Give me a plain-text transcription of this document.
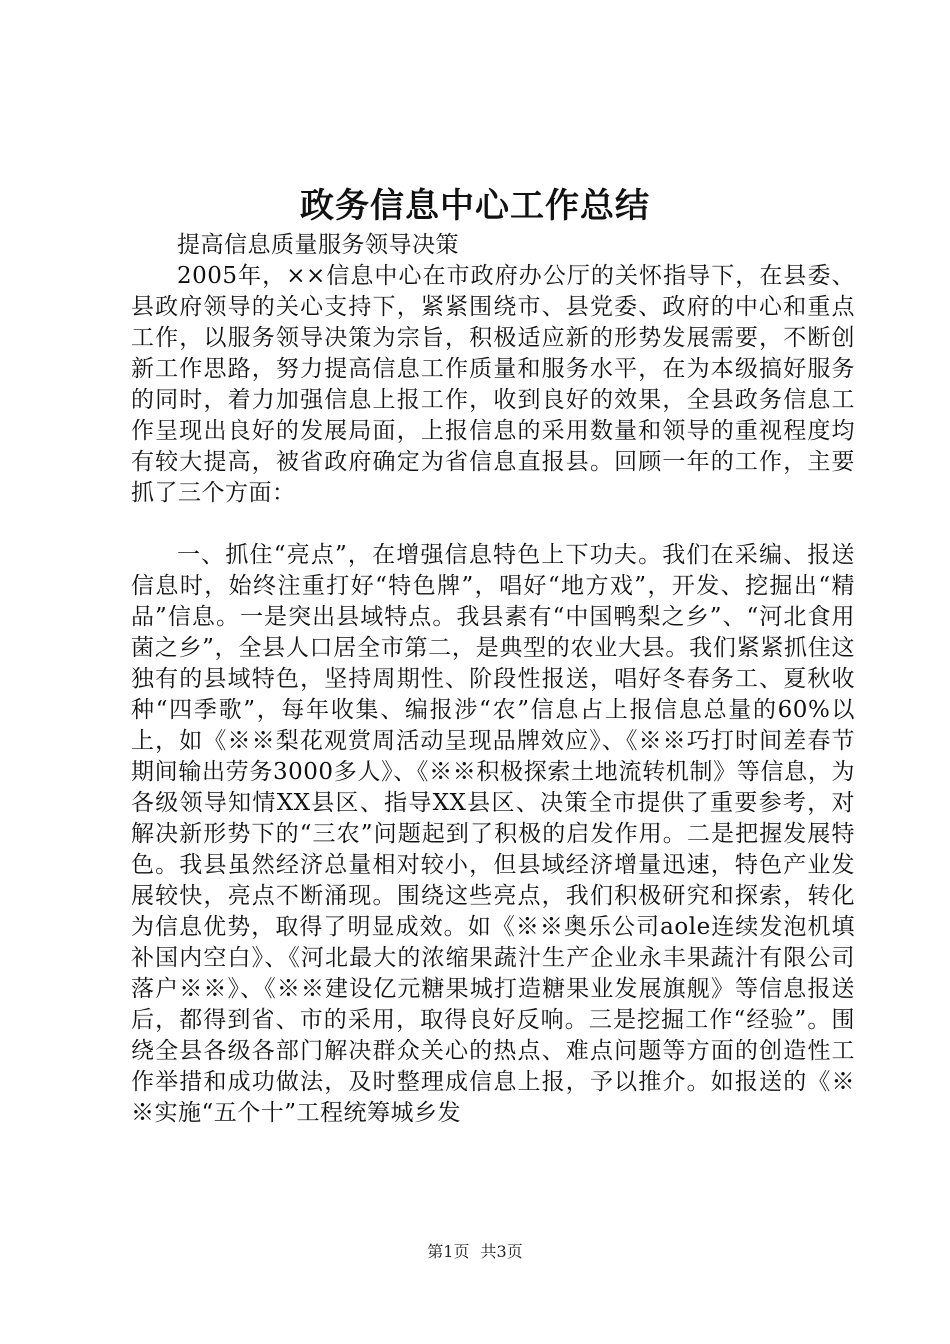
政务信息中心工作总结

提高信息质量服务领导决策

2005年，××信息中心在市政府办公厅的关怀指导下，在县委、县政府领导的关心支持下，紧紧围绕市、县党委、政府的中心和重点工作，以服务领导决策为宗旨，积极适应新的形势发展需要，不断创新工作思路，努力提高信息工作质量和服务水平，在为本级搞好服务的同时，着力加强信息上报工作，收到良好的效果，全县政务信息工作呈现出良好的发展局面，上报信息的采用数量和领导的重视程度均有较大提高，被省政府确定为省信息直报县。回顾一年的工作，主要抓了三个方面：

一、抓住“亮点”，在增强信息特色上下功夫。我们在采编、报送信息时，始终注重打好“特色牌”，唱好“地方戏”，开发、挖掘出“精品”信息。一是突出县域特点。我县素有“中国鸭梨之乡”、“河北食用菌之乡”，全县人口居全市第二，是典型的农业大县。我们紧紧抓住这独有的县域特色，坚持周期性、阶段性报送，唱好冬春务工、夏秋收种“四季歌”，每年收集、编报涉“农”信息占上报信息总量的60%以上，如《※※梨花观赏周活动呈现品牌效应》、《※※巧打时间差春节期间输出劳务3000多人》、《※※积极探索土地流转机制》等信息，为各级领导知情XX县区、指导XX县区、决策全市提供了重要参考，对解决新形势下的“三农”问题起到了积极的启发作用。二是把握发展特色。我县虽然经济总量相对较小，但县域经济增量迅速，特色产业发展较快，亮点不断涌现。围绕这些亮点，我们积极研究和探索，转化为信息优势，取得了明显成效。如《※※奥乐公司aole连续发泡机填补国内空白》、《河北最大的浓缩果蔬汁生产企业永丰果蔬汁有限公司落户※※》、《※※建设亿元糖果城打造糖果业发展旗舰》等信息报送后，都得到省、市的采用，取得良好反响。三是挖掘工作“经验”。围绕全县各级各部门解决群众关心的热点、难点问题等方面的创造性工作举措和成功做法，及时整理成信息上报，予以推介。如报送的《※※实施“五个十”工程统筹城乡发

第1页 共3页
